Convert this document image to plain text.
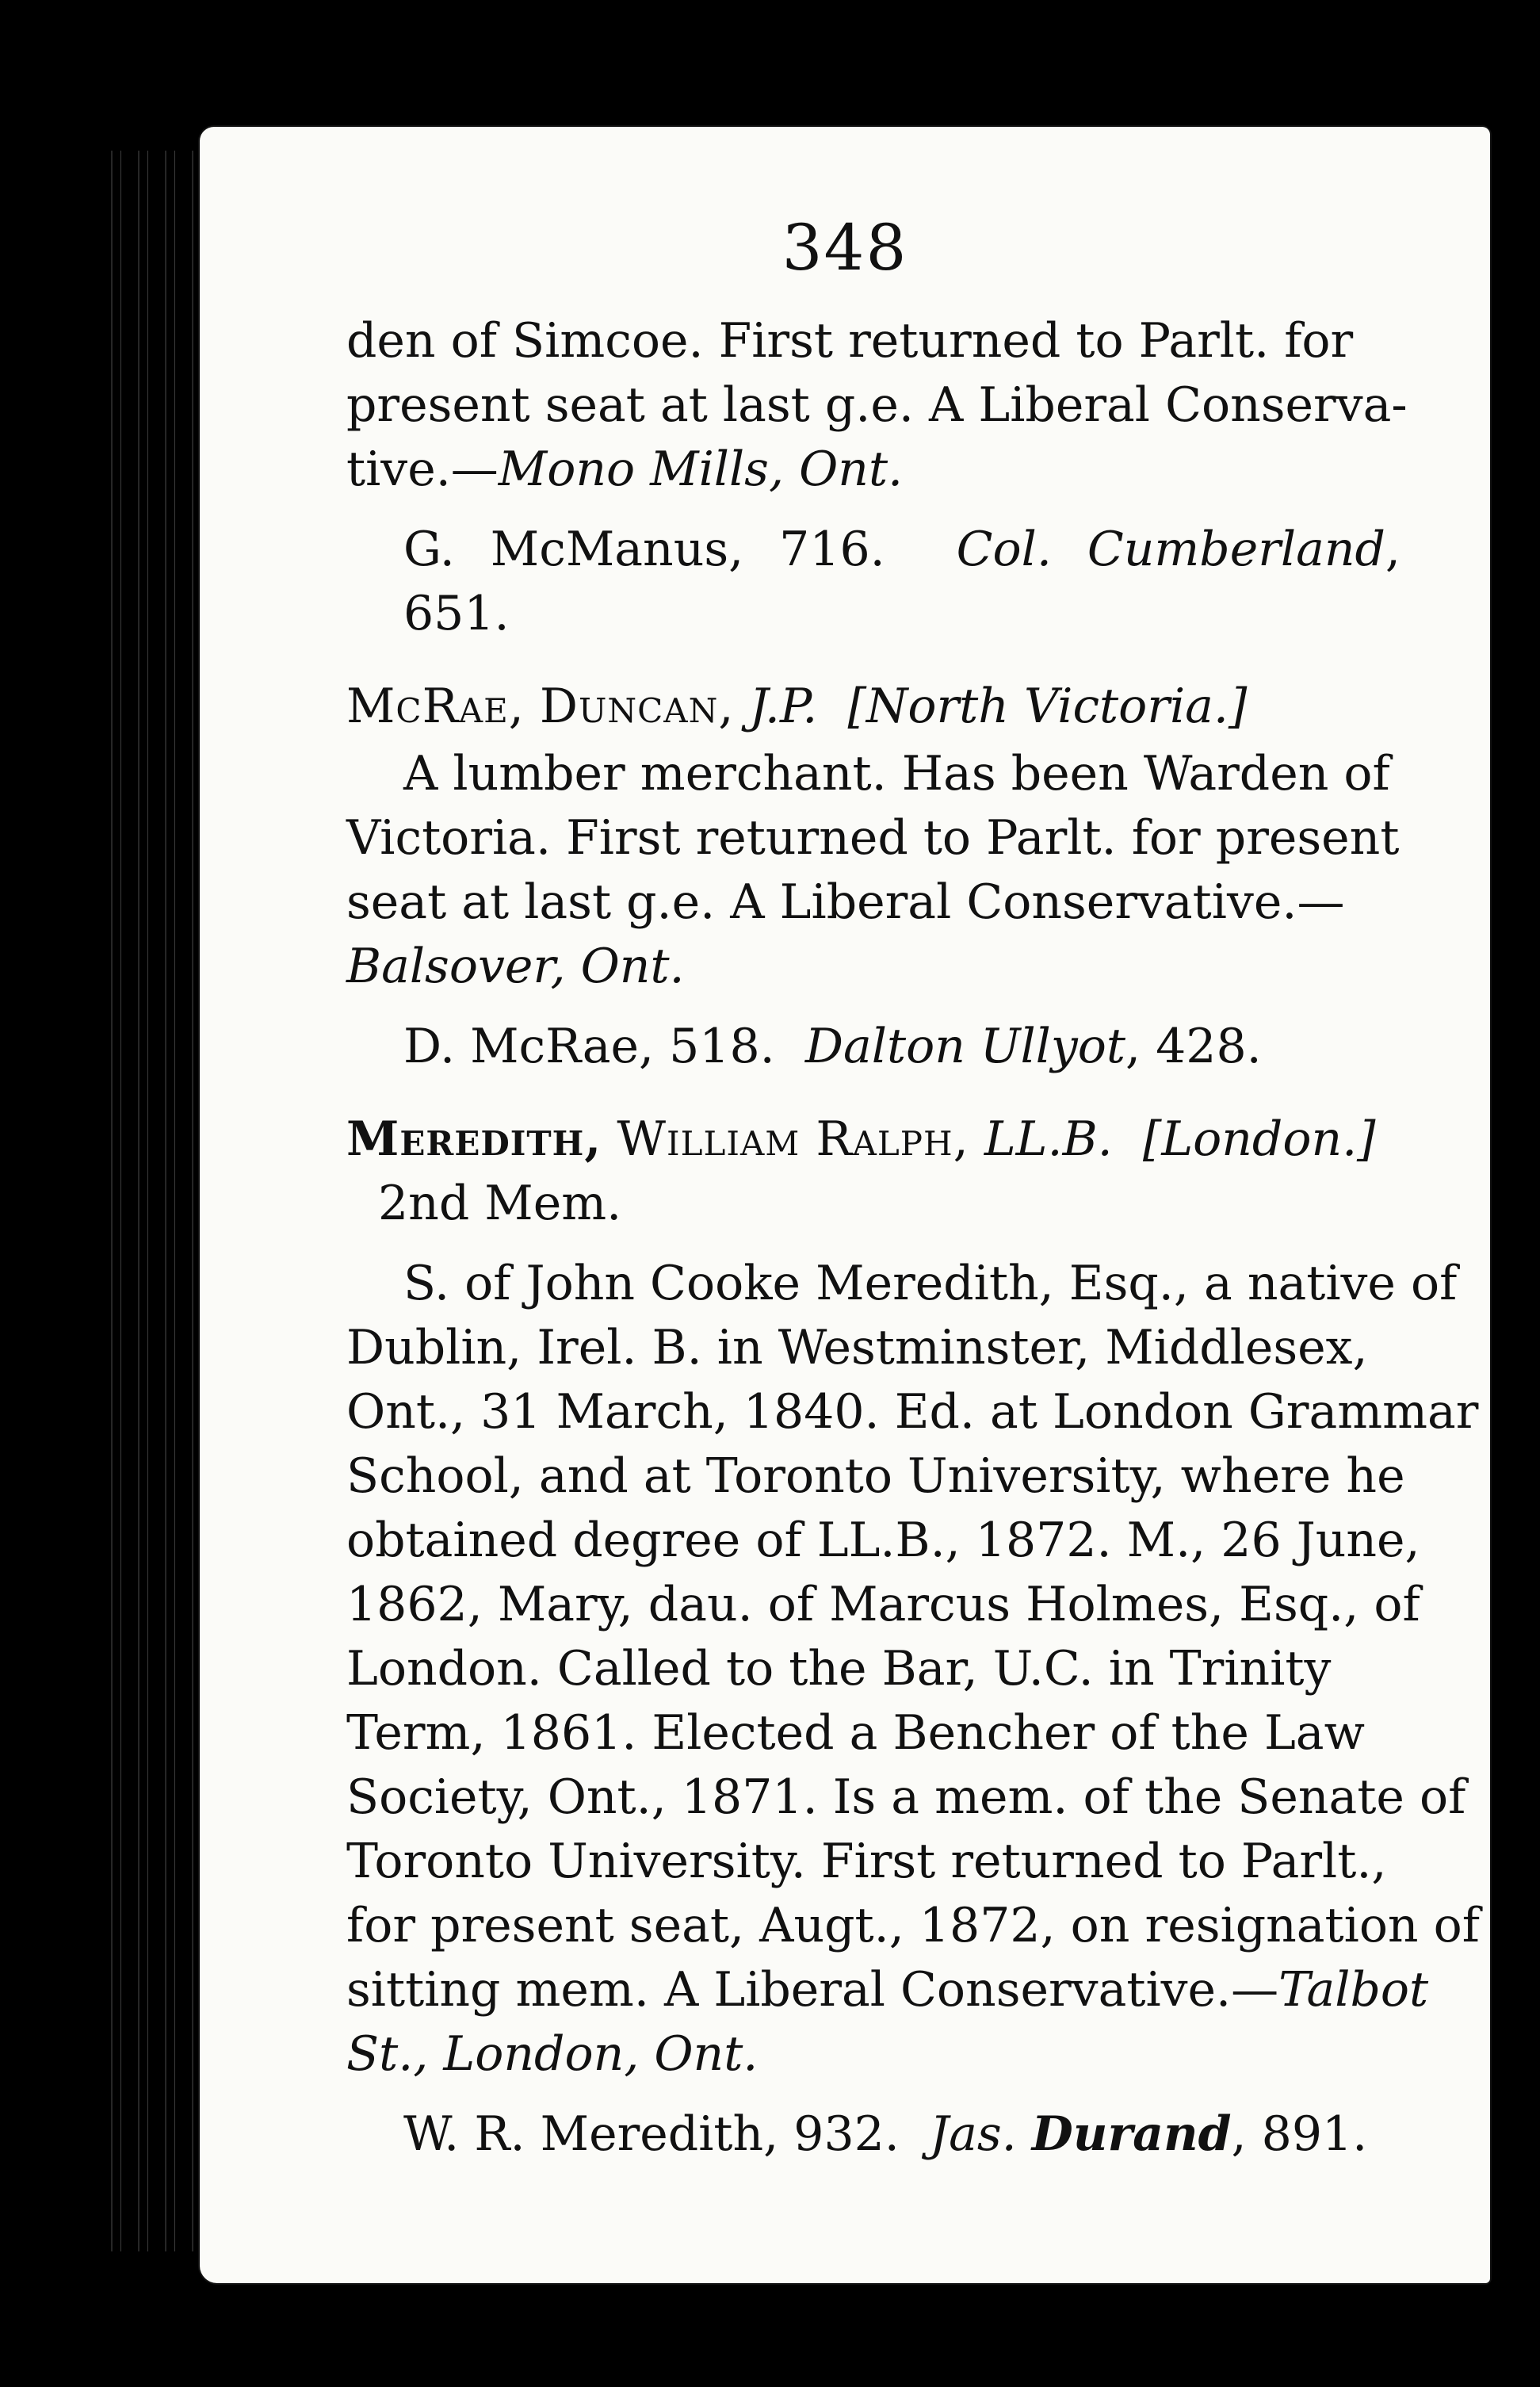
348

den of Simcoe. First returned to Parlt. for
present seat at last g.e. A Liberal Conserva-
tive.—Mono Mills, Ont.

G. McManus, 716. Col. Cumberland, 651.

McRae, Duncan, J.P. [North Victoria.]

A lumber merchant. Has been Warden of
Victoria. First returned to Parlt. for present
seat at last g.e. A Liberal Conservative.—
Balsover, Ont.

D. McRae, 518. Dalton Ullyot, 428.

Meredith, William Ralph, LL.B. [London.]
2nd Mem.

S. of John Cooke Meredith, Esq., a native of
Dublin, Irel. B. in Westminster, Middlesex,
Ont., 31 March, 1840. Ed. at London Grammar
School, and at Toronto University, where he
obtained degree of LL.B., 1872. M., 26 June,
1862, Mary, dau. of Marcus Holmes, Esq., of
London. Called to the Bar, U.C. in Trinity
Term, 1861. Elected a Bencher of the Law
Society, Ont., 1871. Is a mem. of the Senate of
Toronto University. First returned to Parlt.,
for present seat, Augt., 1872, on resignation of
sitting mem. A Liberal Conservative.—Talbot
St., London, Ont.

W. R. Meredith, 932. Jas. Durand, 891.
